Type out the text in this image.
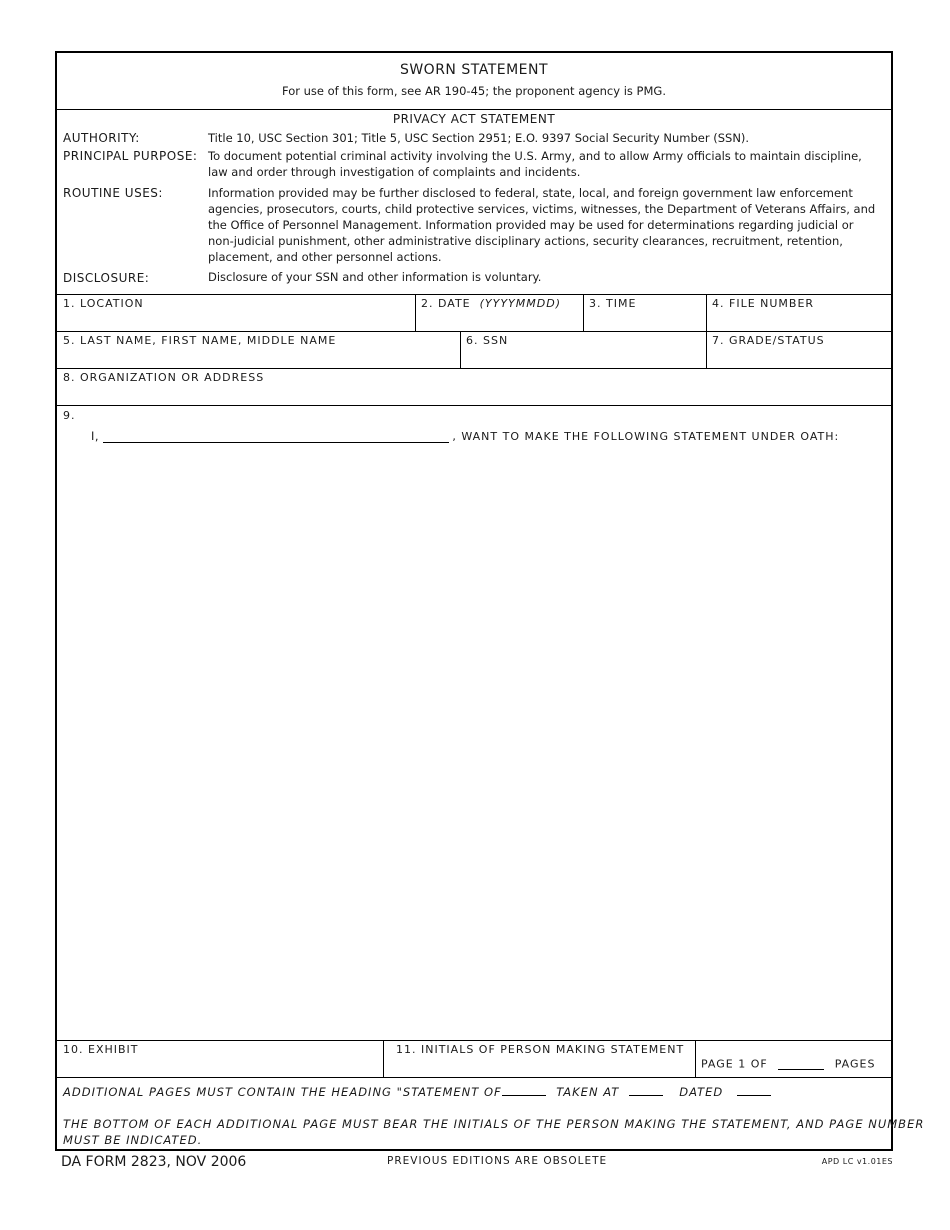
SWORN STATEMENT
For use of this form, see AR 190-45; the proponent agency is PMG.
PRIVACY ACT STATEMENT
AUTHORITY:	Title 10, USC Section 301; Title 5, USC Section 2951; E.O. 9397 Social Security Number (SSN).
PRINCIPAL PURPOSE: To document potential criminal activity involving the U.S. Army, and to allow Army officials to maintain discipline,
law and order through investigation of complaints and incidents.
ROUTINE USES:	Information provided may be further disclosed to federal, state, local, and foreign government law enforcement
agencies, prosecutors, courts, child protective services, victims, witnesses, the Department of Veterans Affairs, and
the Office of Personnel Management. Information provided may be used for determinations regarding judicial or
non-judicial punishment, other administrative disciplinary actions, security clearances, recruitment, retention,
placement, and other personnel actions.
DISCLOSURE:	Disclosure of your SSN and other information is voluntary.
1. LOCATION	2. DATE (YYYYMMDD)	3. TIME	4. FILE NUMBER
5. LAST NAME, FIRST NAME, MIDDLE NAME	6. SSN	7. GRADE/STATUS
8. ORGANIZATION OR ADDRESS
9.
I,	, WANT TO MAKE THE FOLLOWING STATEMENT UNDER OATH:
10. EXHIBIT	11. INITIALS OF PERSON MAKING STATEMENT
PAGE 1 OF	PAGES
ADDITIONAL PAGES MUST CONTAIN THE HEADING "STATEMENT OF	TAKEN AT	DATED
THE BOTTOM OF EACH ADDITIONAL PAGE MUST BEAR THE INITIALS OF THE PERSON MAKING THE STATEMENT, AND PAGE NUMBER
MUST BE INDICATED.
DA FORM 2823, NOV 2006	PREVIOUS EDITIONS ARE OBSOLETE	APD LC v1.01ES
